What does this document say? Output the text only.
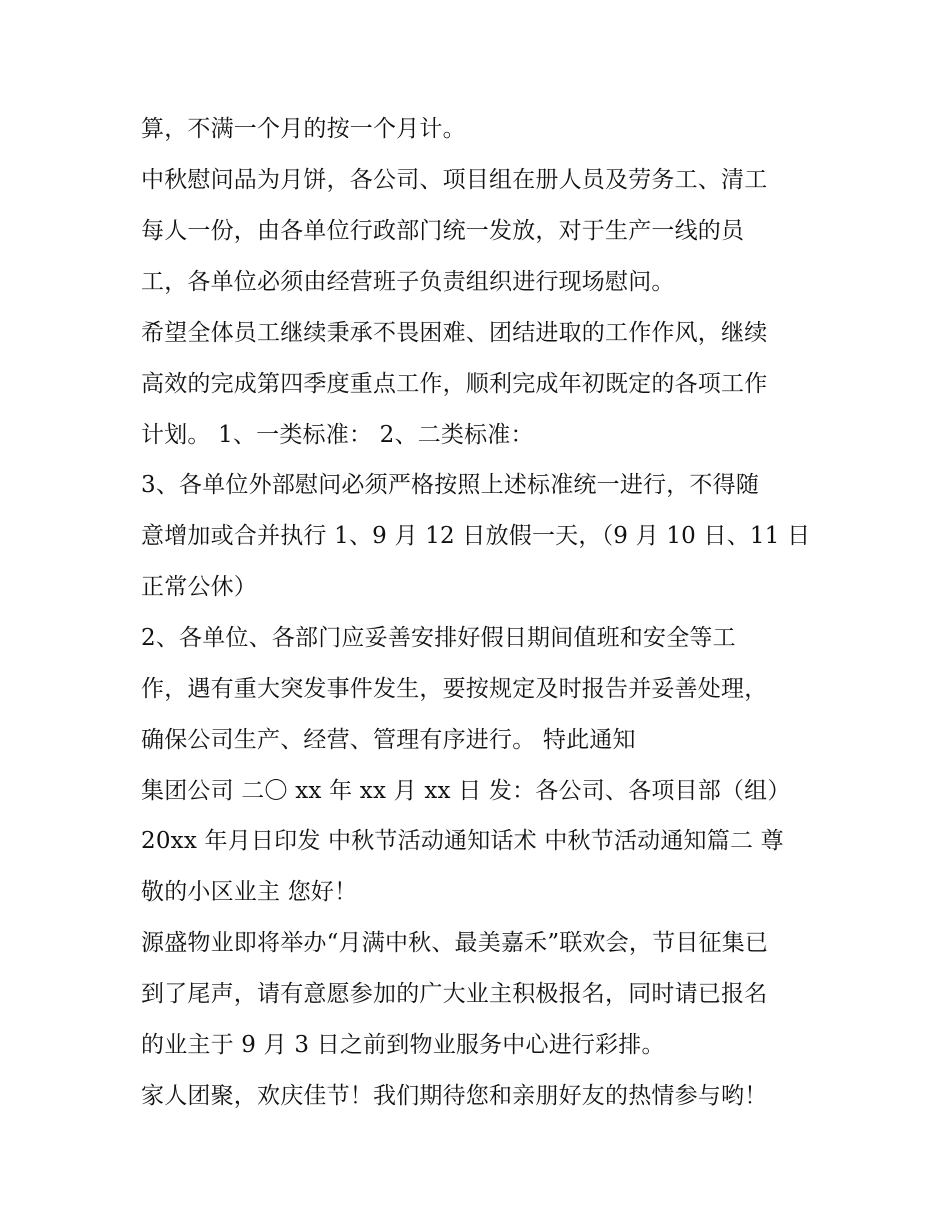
算，不满一个月的按一个月计。
中秋慰问品为月饼，各公司、项目组在册人员及劳务工、清工
每人一份，由各单位行政部门统一发放，对于生产一线的员
工，各单位必须由经营班子负责组织进行现场慰问。
希望全体员工继续秉承不畏困难、团结进取的工作作风，继续
高效的完成第四季度重点工作，顺利完成年初既定的各项工作
计划。 1、一类标准： 2、二类标准：
3、各单位外部慰问必须严格按照上述标准统一进行，不得随
意增加或合并执行 1、9 月 12 日放假一天，（9 月 10 日、11 日
正常公休）
2、各单位、各部门应妥善安排好假日期间值班和安全等工
作，遇有重大突发事件发生，要按规定及时报告并妥善处理，
确保公司生产、经营、管理有序进行。 特此通知
集团公司 二〇 xx 年 xx 月 xx 日 发：各公司、各项目部（组）
20xx 年月日印发 中秋节活动通知话术 中秋节活动通知篇二 尊
敬的小区业主 您好！
源盛物业即将举办“月满中秋、最美嘉禾”联欢会，节目征集已
到了尾声，请有意愿参加的广大业主积极报名，同时请已报名
的业主于 9 月 3 日之前到物业服务中心进行彩排。
家人团聚，欢庆佳节！我们期待您和亲朋好友的热情参与哟！
